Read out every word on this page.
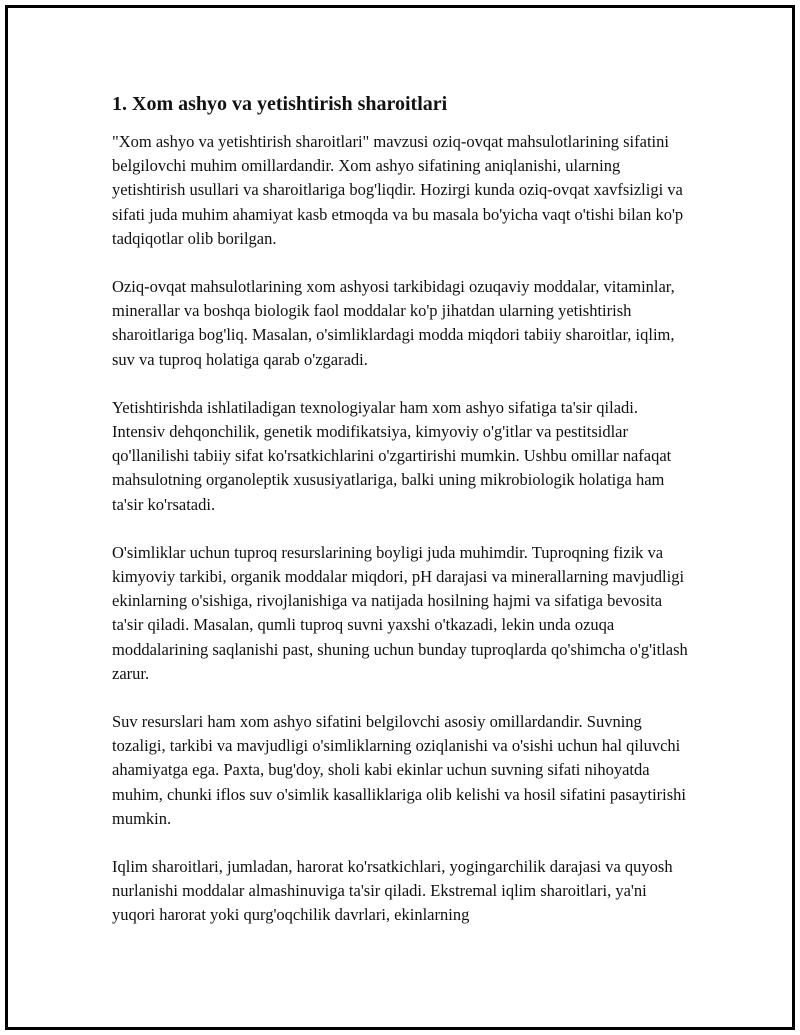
1. Xom ashyo va yetishtirish sharoitlari

"Xom ashyo va yetishtirish sharoitlari" mavzusi oziq-ovqat mahsulotlarining sifatini belgilovchi muhim omillardandir. Xom ashyo sifatining aniqlanishi, ularning yetishtirish usullari va sharoitlariga bog'liqdir. Hozirgi kunda oziq-ovqat xavfsizligi va sifati juda muhim ahamiyat kasb etmoqda va bu masala bo'yicha vaqt o'tishi bilan ko'p tadqiqotlar olib borilgan.

Oziq-ovqat mahsulotlarining xom ashyosi tarkibidagi ozuqaviy moddalar, vitaminlar, minerallar va boshqa biologik faol moddalar ko'p jihatdan ularning yetishtirish sharoitlariga bog'liq. Masalan, o'simliklardagi modda miqdori tabiiy sharoitlar, iqlim, suv va tuproq holatiga qarab o'zgaradi.

Yetishtirishda ishlatiladigan texnologiyalar ham xom ashyo sifatiga ta'sir qiladi. Intensiv dehqonchilik, genetik modifikatsiya, kimyoviy o'g'itlar va pestitsidlar qo'llanilishi tabiiy sifat ko'rsatkichlarini o'zgartirishi mumkin. Ushbu omillar nafaqat mahsulotning organoleptik xususiyatlariga, balki uning mikrobiologik holatiga ham ta'sir ko'rsatadi.

O'simliklar uchun tuproq resurslarining boyligi juda muhimdir. Tuproqning fizik va kimyoviy tarkibi, organik moddalar miqdori, pH darajasi va minerallarning mavjudligi ekinlarning o'sishiga, rivojlanishiga va natijada hosilning hajmi va sifatiga bevosita ta'sir qiladi. Masalan, qumli tuproq suvni yaxshi o'tkazadi, lekin unda ozuqa moddalarining saqlanishi past, shuning uchun bunday tuproqlarda qo'shimcha o'g'itlash zarur.

Suv resurslari ham xom ashyo sifatini belgilovchi asosiy omillardandir. Suvning tozaligi, tarkibi va mavjudligi o'simliklarning oziqlanishi va o'sishi uchun hal qiluvchi ahamiyatga ega. Paxta, bug'doy, sholi kabi ekinlar uchun suvning sifati nihoyatda muhim, chunki iflos suv o'simlik kasalliklariga olib kelishi va hosil sifatini pasaytirishi mumkin.

Iqlim sharoitlari, jumladan, harorat ko'rsatkichlari, yogingarchilik darajasi va quyosh nurlanishi moddalar almashinuviga ta'sir qiladi. Ekstremal iqlim sharoitlari, ya'ni yuqori harorat yoki qurg'oqchilik davrlari, ekinlarning
